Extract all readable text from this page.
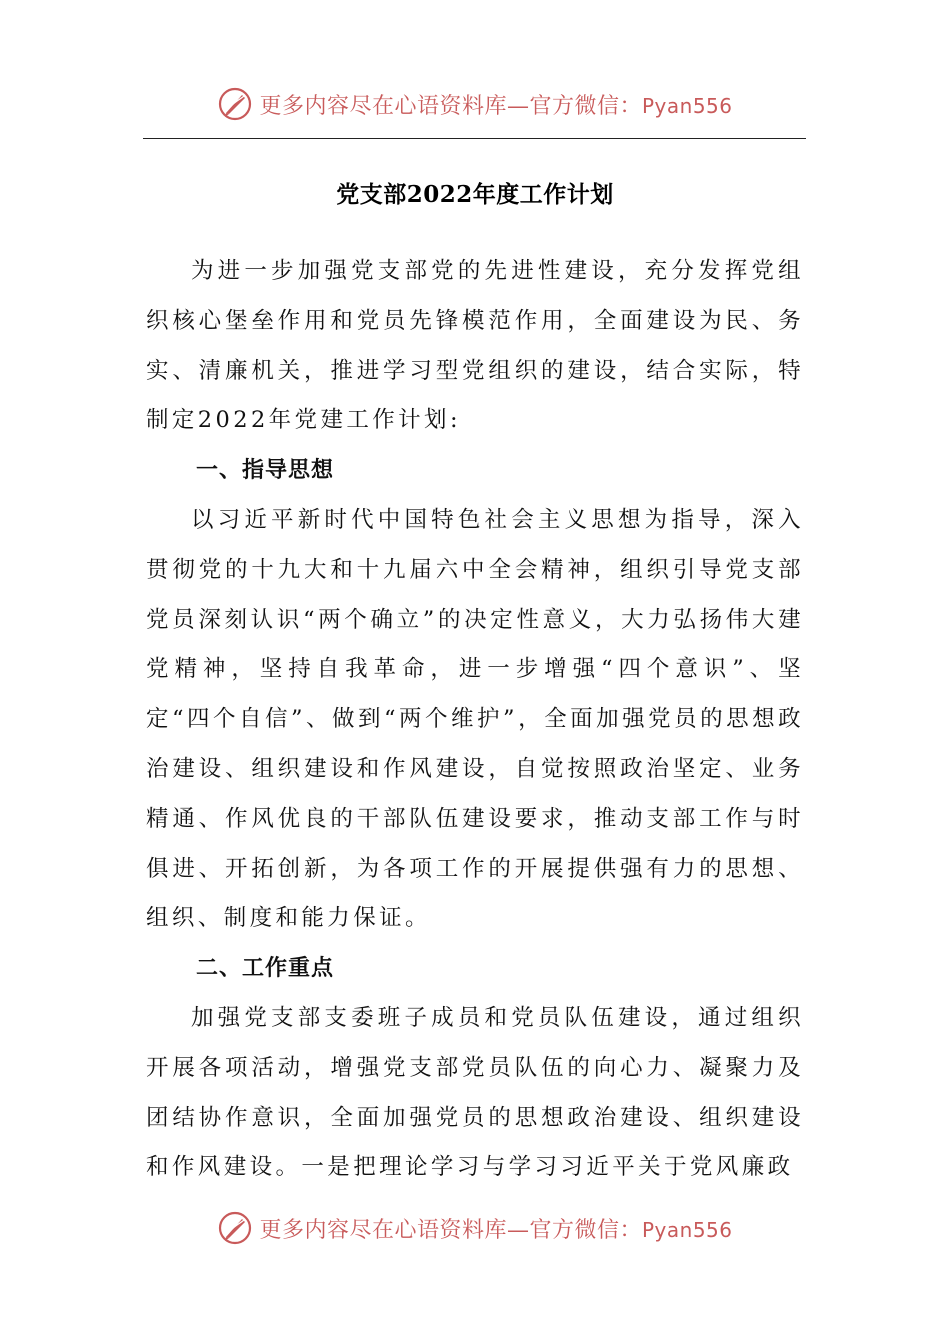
更多内容尽在心语资料库—官方微信：Pyan556
党支部2022年度工作计划

为进一步加强党支部党的先进性建设，充分发挥党组织核心堡垒作用和党员先锋模范作用，全面建设为民、务实、清廉机关，推进学习型党组织的建设，结合实际，特制定2022年党建工作计划:

一、指导思想

以习近平新时代中国特色社会主义思想为指导，深入贯彻党的十九大和十九届六中全会精神，组织引导党支部党员深刻认识“两个确立”的决定性意义，大力弘扬伟大建党精神，坚持自我革命，进一步增强“四个意识”、坚定“四个自信”、做到“两个维护”，全面加强党员的思想政治建设、组织建设和作风建设，自觉按照政治坚定、业务精通、作风优良的干部队伍建设要求，推动支部工作与时俱进、开拓创新，为各项工作的开展提供强有力的思想、组织、制度和能力保证。

二、工作重点

加强党支部支委班子成员和党员队伍建设，通过组织开展各项活动，增强党支部党员队伍的向心力、凝聚力及团结协作意识，全面加强党员的思想政治建设、组织建设和作风建设。一是把理论学习与学习习近平关于党风廉政

更多内容尽在心语资料库—官方微信：Pyan556
